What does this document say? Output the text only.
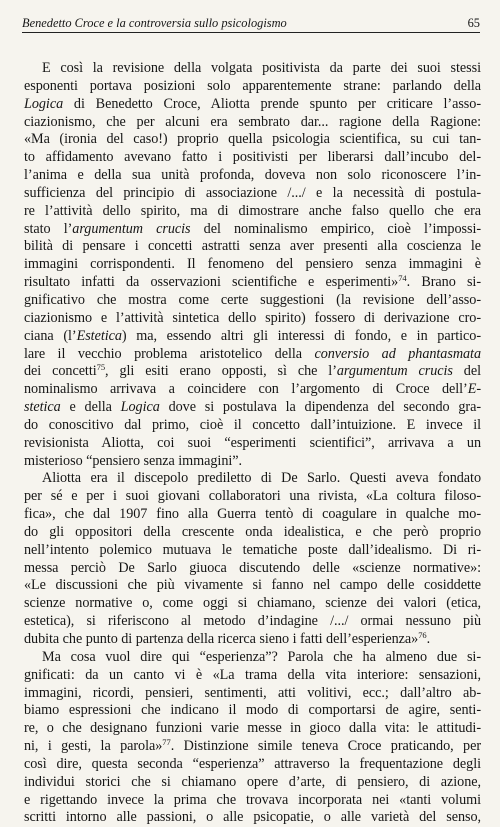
Benedetto Croce e la controversia sullo psicologismo	65
E così la revisione della volgata positivista da parte dei suoi stessi
esponenti portava posizioni solo apparentemente strane: parlando della
Logica di Benedetto Croce, Aliotta prende spunto per criticare l’asso-
ciazionismo, che per alcuni era sembrato dar... ragione della Ragione:
«Ma (ironia del caso!) proprio quella psicologia scientifica, su cui tan-
to affidamento avevano fatto i positivisti per liberarsi dall’incubo del-
l’anima e della sua unità profonda, doveva non solo riconoscere l’in-
sufficienza del principio di associazione /.../ e la necessità di postula-
re l’attività dello spirito, ma di dimostrare anche falso quello che era
stato l’argumentum crucis del nominalismo empirico, cioè l’impossi-
bilità di pensare i concetti astratti senza aver presenti alla coscienza le
immagini corrispondenti. Il fenomeno del pensiero senza immagini è
risultato infatti da osservazioni scientifiche e esperimenti»$^{74}$. Brano si-
gnificativo che mostra come certe suggestioni (la revisione dell’asso-
ciazionismo e l’attività sintetica dello spirito) fossero di derivazione cro-
ciana (l’Estetica) ma, essendo altri gli interessi di fondo, e in partico-
lare il vecchio problema aristotelico della conversio ad phantasmata
dei concetti$^{75}$, gli esiti erano opposti, sì che l’argumentum crucis del
nominalismo arrivava a coincidere con l’argomento di Croce dell’E-
stetica e della Logica dove si postulava la dipendenza del secondo gra-
do conoscitivo dal primo, cioè il concetto dall’intuizione. E invece il
revisionista Aliotta, coi suoi “esperimenti scientifici”, arrivava a un
misterioso “pensiero senza immagini”.
Aliotta era il discepolo prediletto di De Sarlo. Questi aveva fondato
per sé e per i suoi giovani collaboratori una rivista, «La coltura filoso-
fica», che dal 1907 fino alla Guerra tentò di coagulare in qualche mo-
do gli oppositori della crescente onda idealistica, e che però proprio
nell’intento polemico mutuava le tematiche poste dall’idealismo. Di ri-
messa perciò De Sarlo giuoca discutendo delle «scienze normative»:
«Le discussioni che più vivamente si fanno nel campo delle cosiddette
scienze normative o, come oggi si chiamano, scienze dei valori (etica,
estetica), si riferiscono al metodo d’indagine /.../ ormai nessuno più
dubita che punto di partenza della ricerca sieno i fatti dell’esperienza»$^{76}$.
Ma cosa vuol dire qui “esperienza”? Parola che ha almeno due si-
gnificati: da un canto vi è «La trama della vita interiore: sensazioni,
immagini, ricordi, pensieri, sentimenti, atti volitivi, ecc.; dall’altro ab-
biamo espressioni che indicano il modo di comportarsi de agire, senti-
re, o che designano funzioni varie messe in gioco dalla vita: le attitudi-
ni, i gesti, la parola»$^{77}$. Distinzione simile teneva Croce praticando, per
così dire, questa seconda “esperienza” attraverso la frequentazione degli
individui storici che si chiamano opere d’arte, di pensiero, di azione,
e rigettando invece la prima che trovava incorporata nei «tanti volumi
scritti intorno alle passioni, o alle psicopatie, o alle varietà del senso,
